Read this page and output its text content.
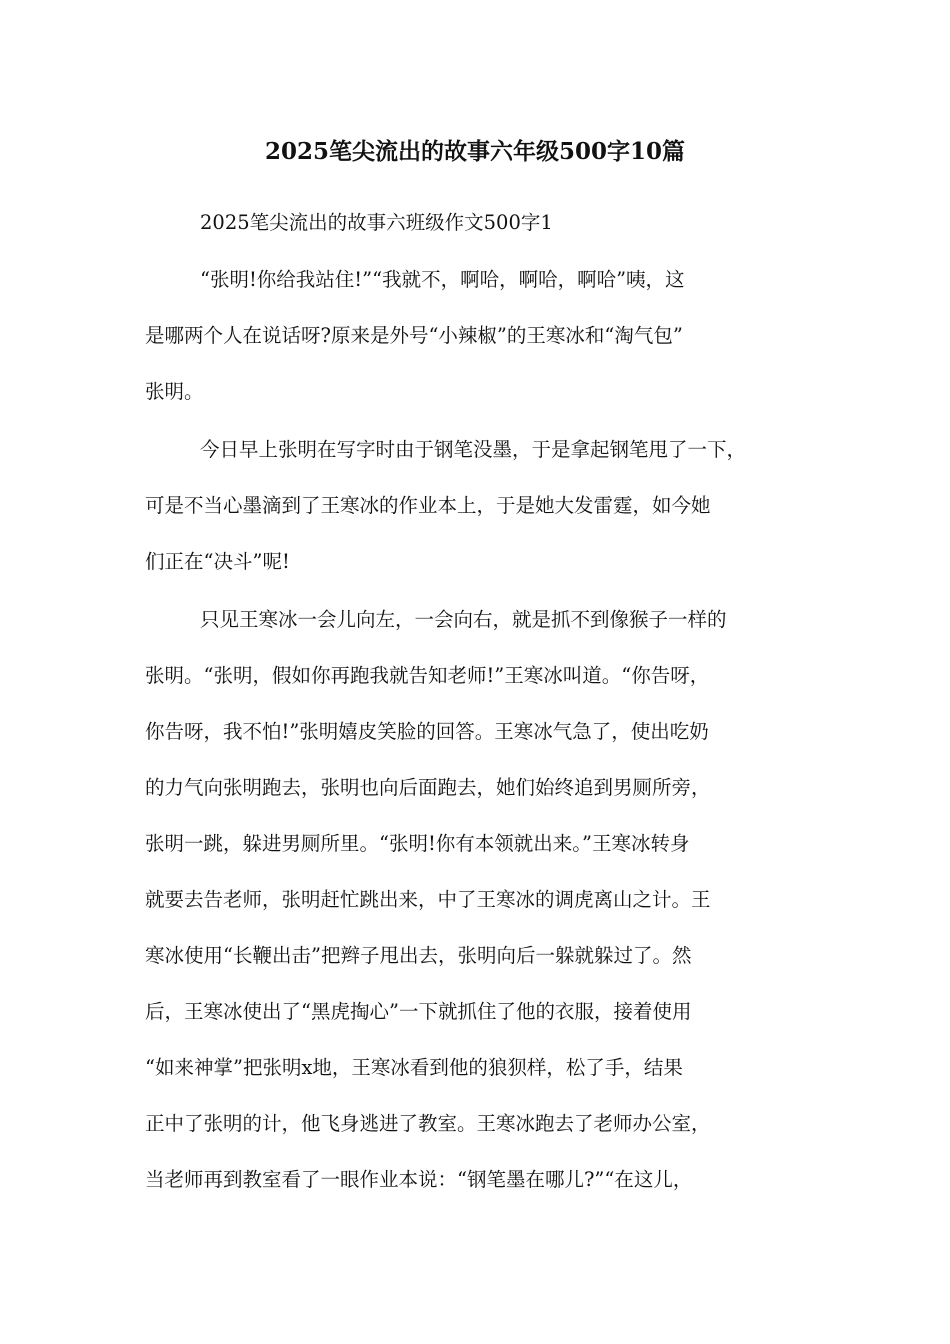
2025笔尖流出的故事六年级500字10篇

2025笔尖流出的故事六班级作文500字1

“张明!你给我站住!”“我就不，啊哈，啊哈，啊哈”咦，这

是哪两个人在说话呀?原来是外号“小辣椒”的王寒冰和“淘气包”

张明。

今日早上张明在写字时由于钢笔没墨，于是拿起钢笔甩了一下，

可是不当心墨滴到了王寒冰的作业本上，于是她大发雷霆，如今她

们正在“决斗”呢!

只见王寒冰一会儿向左，一会向右，就是抓不到像猴子一样的

张明。“张明，假如你再跑我就告知老师!”王寒冰叫道。“你告呀，

你告呀，我不怕!”张明嬉皮笑脸的回答。王寒冰气急了，使出吃奶

的力气向张明跑去，张明也向后面跑去，她们始终追到男厕所旁，

张明一跳，躲进男厕所里。“张明!你有本领就出来。”王寒冰转身

就要去告老师，张明赶忙跳出来，中了王寒冰的调虎离山之计。王

寒冰使用“长鞭出击”把辫子甩出去，张明向后一躲就躲过了。然

后，王寒冰使出了“黑虎掏心”一下就抓住了他的衣服，接着使用

“如来神掌”把张明x地，王寒冰看到他的狼狈样，松了手，结果

正中了张明的计，他飞身逃进了教室。王寒冰跑去了老师办公室，

当老师再到教室看了一眼作业本说：“钢笔墨在哪儿?”“在这儿，
